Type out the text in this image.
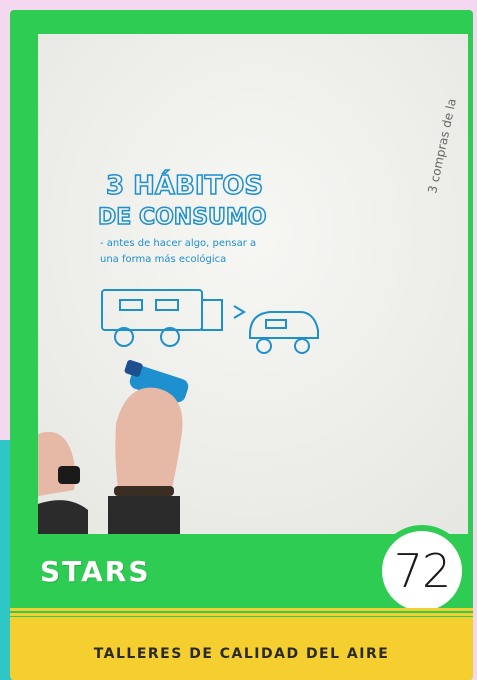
3 HÁBITOS
DE CONSUMO
- antes de hacer algo, pensar a
una forma más ecológica
3 compras de la
STARS	72
TALLERES DE CALIDAD DEL AIRE
